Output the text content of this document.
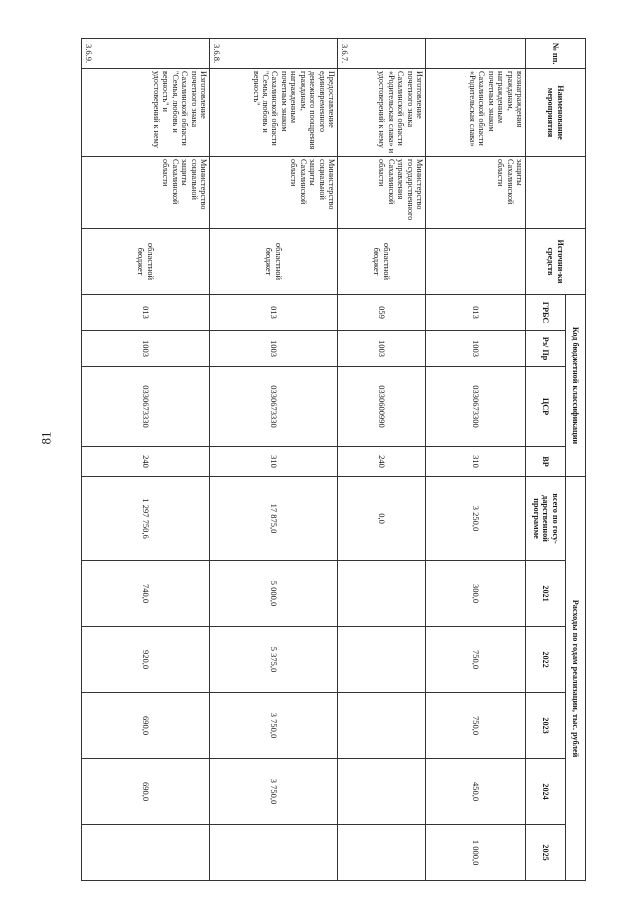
81
№ пп.	Наименование мероприятия		Источни-ки средств	Код бюджетной классификации				Расходы по годам реализации, тыс. рублей					
				ГРБС	Рз/ Пр	ЦСР	ВР	всего по госу-дарственной программе	2021	2022	2023	2024	2025
	вознаграждения гражданам, награжденным почетным знаком Сахалинской области «Родительская слава»	защиты Сахалинской области		013	1003	0330673300	310	3 250,0	300,0	750,0	750,0	450,0	1 000,0
3.6.7.	Изготовление почетного знака Сахалинской области «Родительская слава» и удостоверений к нему	Министерство государственного управления Сахалинской области	областной бюджет	059	1003	0330600990	240	0,0					
3.6.8.	Предоставление единовременного денежного поощрения гражданам, награжденным почетным знаком Сахалинской области "Семья, любовь и верность"	Министерство социальной защиты Сахалинской области	областной бюджет	013	1003	0330673330	310	17 875,0	5 000,0	5 375,0	3 750,0	3 750,0	
3.6.9.	Изготовление почетного знака Сахалинской области "Семья, любовь и верность" и удостоверений к нему	Министерство социальной защиты Сахалинской области	областной бюджет	013	1003	0330673330	240	1 297 750,6	740,0	920,0	690,0	690,0	
